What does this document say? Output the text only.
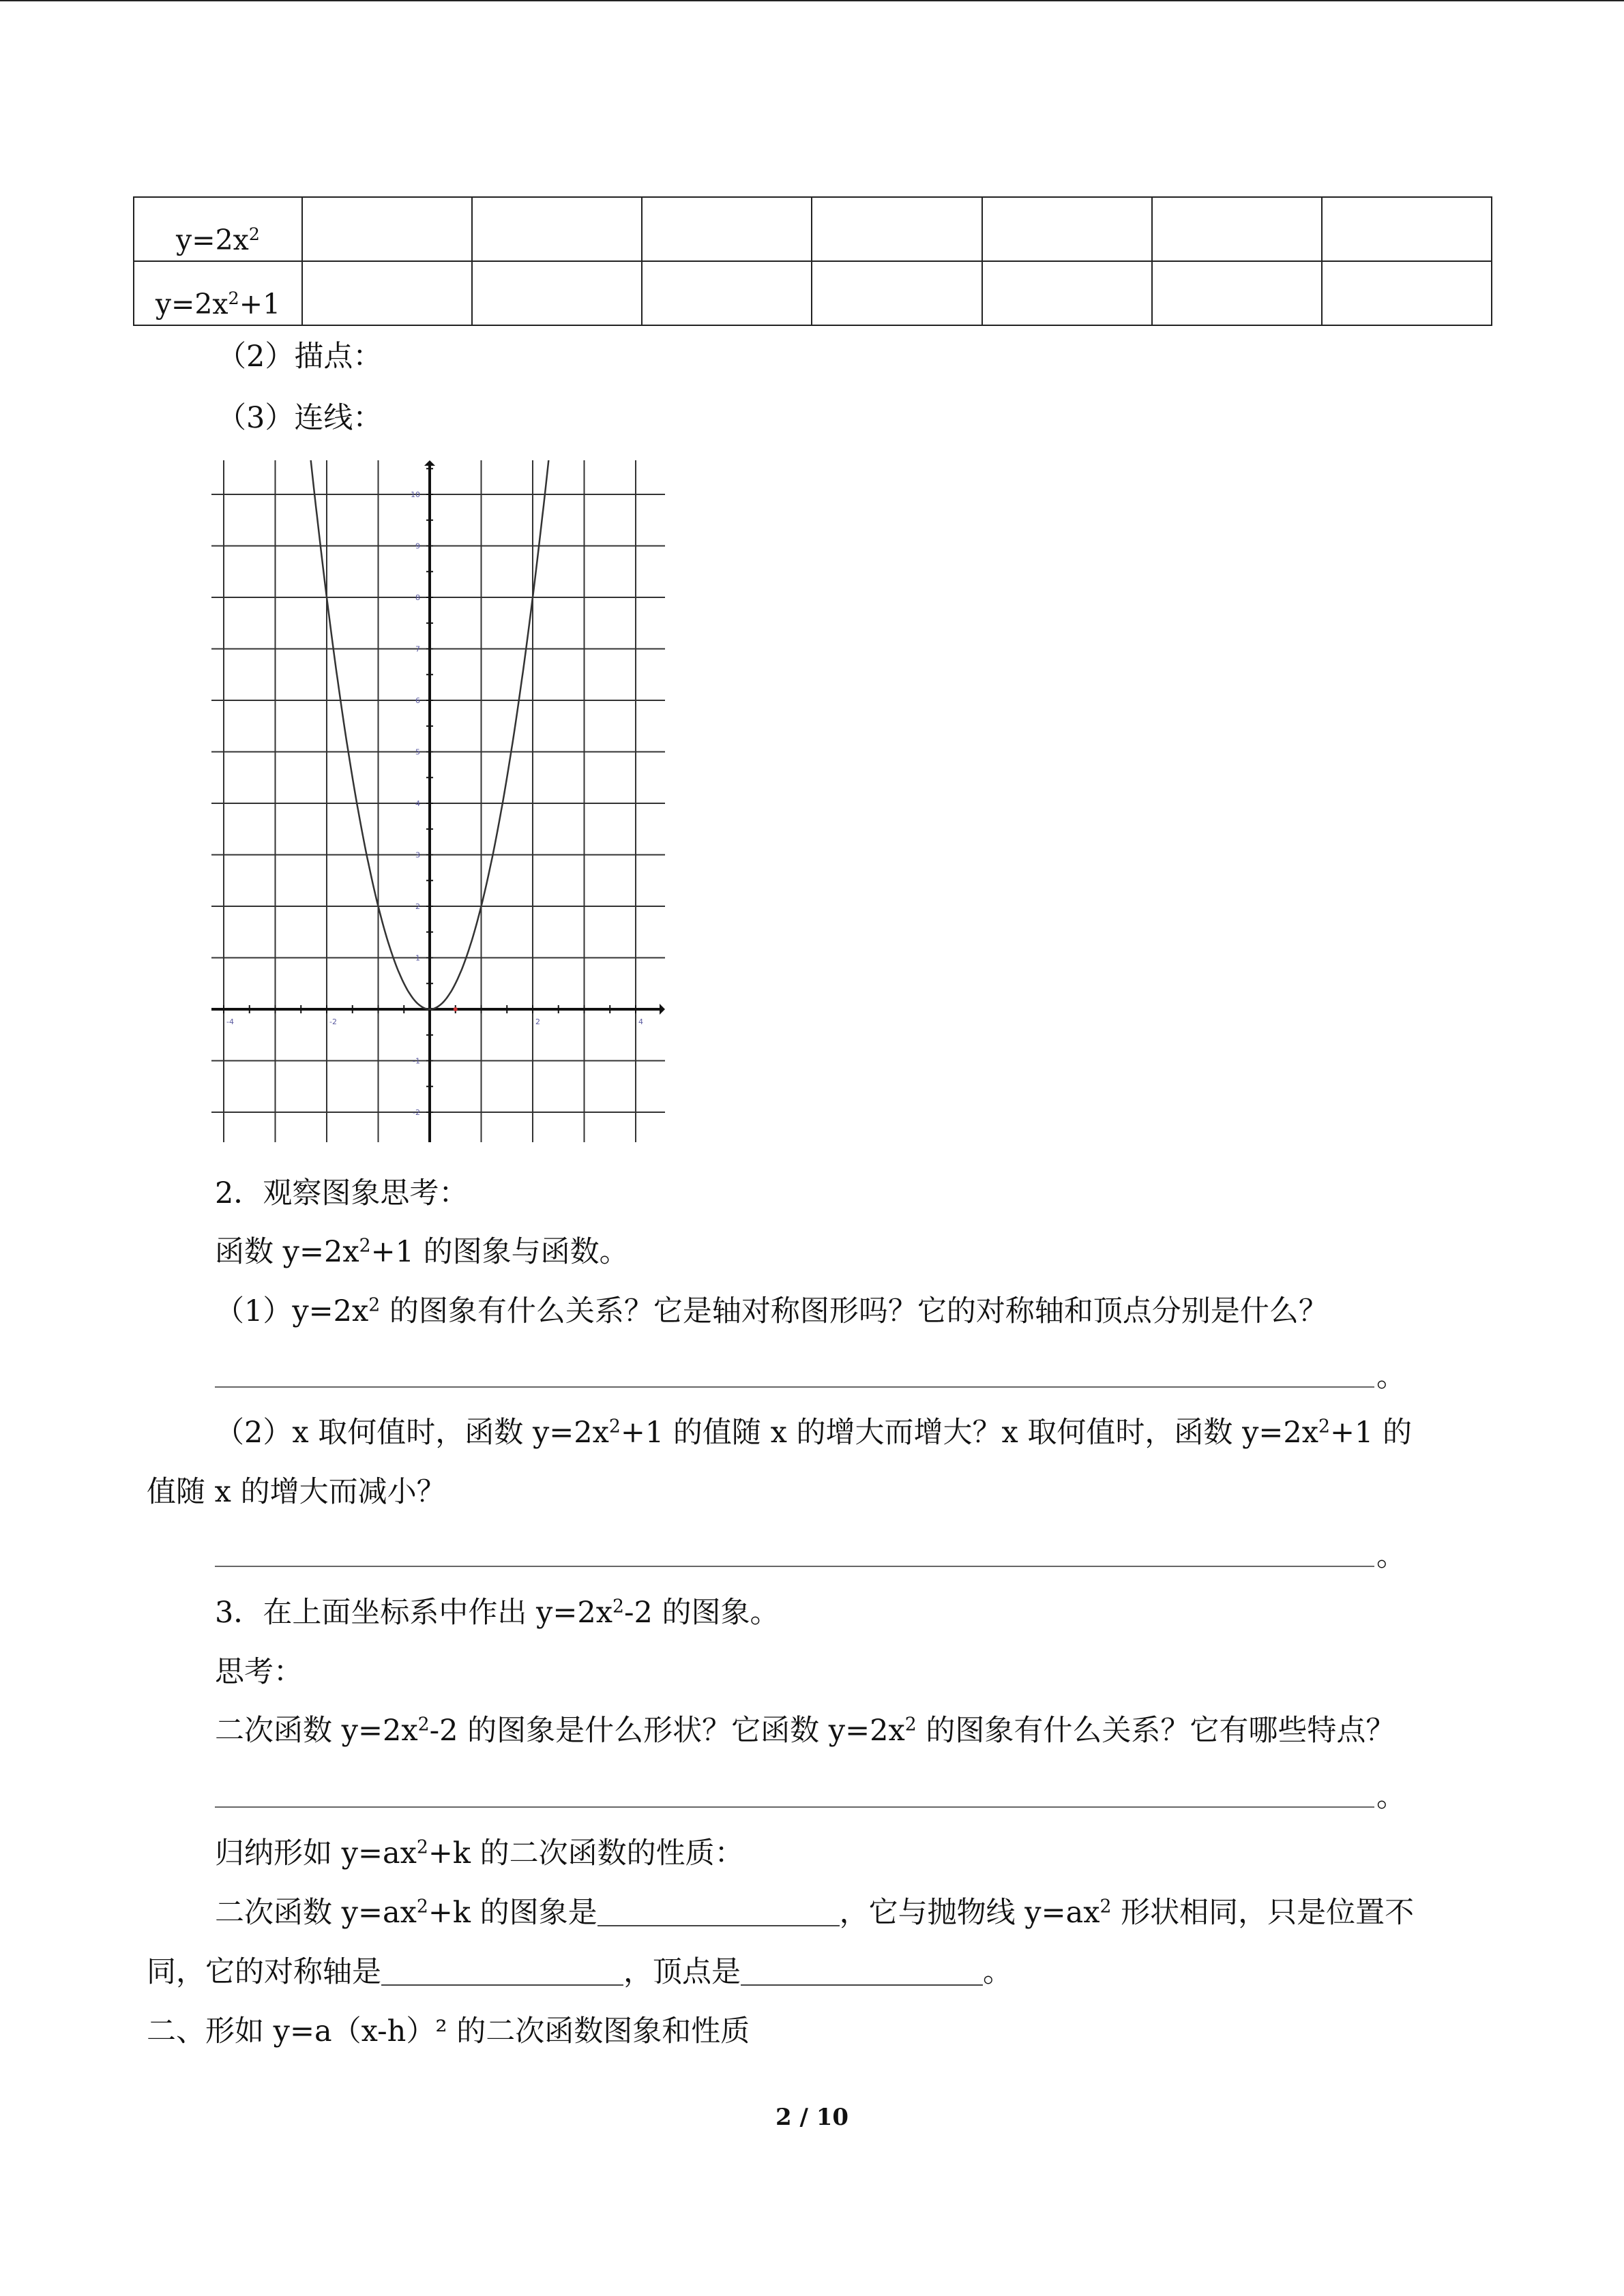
$y=2x^2$							
$y=2x^2+1$							
（2）描点：
（3）连线：
-4	-2	2	4
-2
-1
1
2
3
4
5
6
7
8
9
10
2．观察图象思考：
函数 $y=2x^2+1$ 的图象与函数。
$(1)y=2x^2$ 的图象有什么关系？它是轴对称图形吗？它的对称轴和顶点分别是什么？
。
（2）x 取何值时，函数 $y=2x^2+1$ 的值随 x 的增大而增大？x 取何值时，函数 $y=2x^2+1$ 的
值随 x 的增大而减小？
。
3．在上面坐标系中作出 $y=2x^2-2$ 的图象。
思考：
二次函数 $y=2x^2-2$ 的图象是什么形状？它函数 $y=2x^2$ 的图象有什么关系？它有哪些特点？
。
归纳形如 $y=ax^2+k$ 的二次函数的性质：
二次函数 $y=ax^2+k$ 的图象是	，它与抛物线 $y=ax^2$ 形状相同，只是位置不
同，它的对称轴是	，顶点是	。
二、形如 y=a（x-h）² 的二次函数图象和性质
2 / 10
